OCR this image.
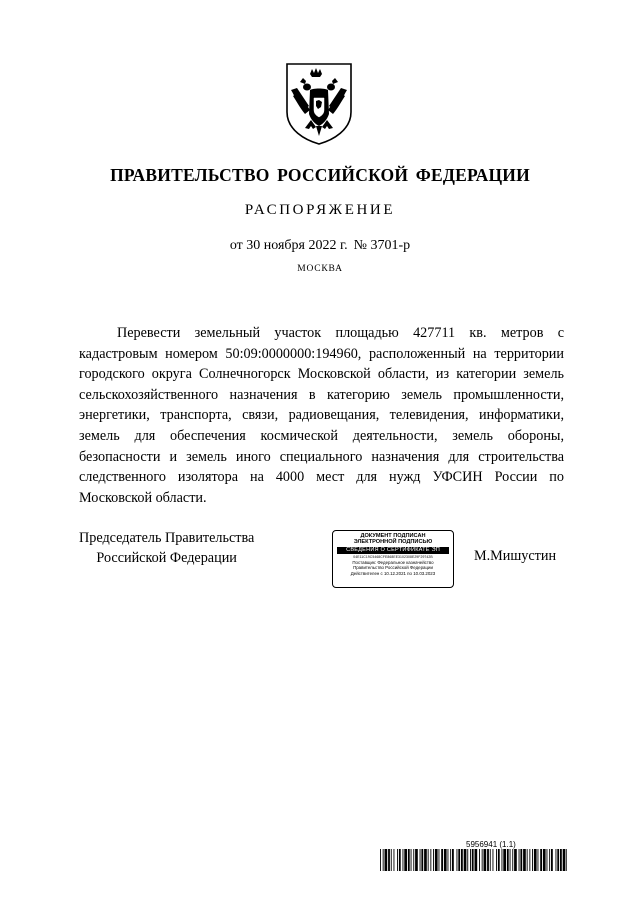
ПРАВИТЕЛЬСТВО РОССИЙСКОЙ ФЕДЕРАЦИИ
РАСПОРЯЖЕНИЕ
от 30 ноября 2022 г. № 3701-р
МОСКВА

Перевести земельный участок площадью 427711 кв. метров с кадастровым номером 50:09:0000000:194960, расположенный на территории городского округа Солнечногорск Московской области, из категории земель сельскохозяйственного назначения в категорию земель промышленности, энергетики, транспорта, связи, радиовещания, телевидения, информатики, земель для обеспечения космической деятельности, земель обороны, безопасности и земель иного специального назначения для строительства следственного изолятора на 4000 мест для нужд УФСИН России по Московской области.

Председатель Правительства
Российской Федерации
ДОКУМЕНТ ПОДПИСАН
ЭЛЕКТРОННОЙ ПОДПИСЬЮ
СВЕДЕНИЯ О СЕРТИФИКАТЕ ЭП
04E11C19C5468CFE868EE3102308E29F29742B
Поставщик: Федеральное казначейство
Правительство Российской Федерации
Действителен с 10.12.2021 по 10.03.2023
М.Мишустин
5956941 (1.1)
